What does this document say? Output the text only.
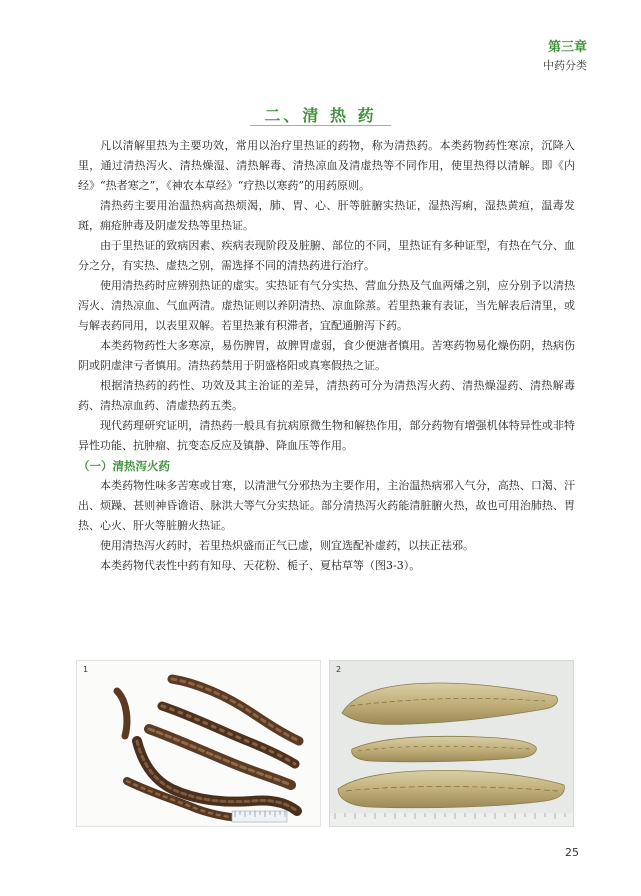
第三章
中药分类
二、清 热 药

凡以清解里热为主要功效，常用以治疗里热证的药物，称为清热药。本类药物药性寒凉，沉降入里，通过清热泻火、清热燥湿、清热解毒、清热凉血及清虚热等不同作用，使里热得以清解。即《内经》“热者寒之”，《神农本草经》“疗热以寒药”的用药原则。

清热药主要用治温热病高热烦渴，肺、胃、心、肝等脏腑实热证，湿热泻痢，湿热黄疸，温毒发斑，痈疮肿毒及阴虚发热等里热证。

由于里热证的致病因素、疾病表现阶段及脏腑、部位的不同，里热证有多种证型，有热在气分、血分之分，有实热、虚热之别，需选择不同的清热药进行治疗。

使用清热药时应辨别热证的虚实。实热证有气分实热、营血分热及气血两燔之别，应分别予以清热泻火、清热凉血、气血两清。虚热证则以养阴清热、凉血除蒸。若里热兼有表证，当先解表后清里，或与解表药同用，以表里双解。若里热兼有积滞者，宜配通腑泻下药。

本类药物药性大多寒凉，易伤脾胃，故脾胃虚弱，食少便溏者慎用。苦寒药物易化燥伤阴，热病伤阴或阴虚津亏者慎用。清热药禁用于阴盛格阳或真寒假热之证。

根据清热药的药性、功效及其主治证的差异，清热药可分为清热泻火药、清热燥湿药、清热解毒药、清热凉血药、清虚热药五类。

现代药理研究证明，清热药一般具有抗病原微生物和解热作用，部分药物有增强机体特异性或非特异性功能、抗肿瘤、抗变态反应及镇静、降血压等作用。

（一）清热泻火药

本类药物性味多苦寒或甘寒，以清泄气分邪热为主要作用，主治温热病邪入气分，高热、口渴、汗出、烦躁、甚则神昏谵语、脉洪大等气分实热证。部分清热泻火药能清脏腑火热，故也可用治肺热、胃热、心火、肝火等脏腑火热证。

使用清热泻火药时，若里热炽盛而正气已虚，则宜选配补虚药，以扶正祛邪。

本类药物代表性中药有知母、天花粉、栀子、夏枯草等（图3-3）。

1	2
25
